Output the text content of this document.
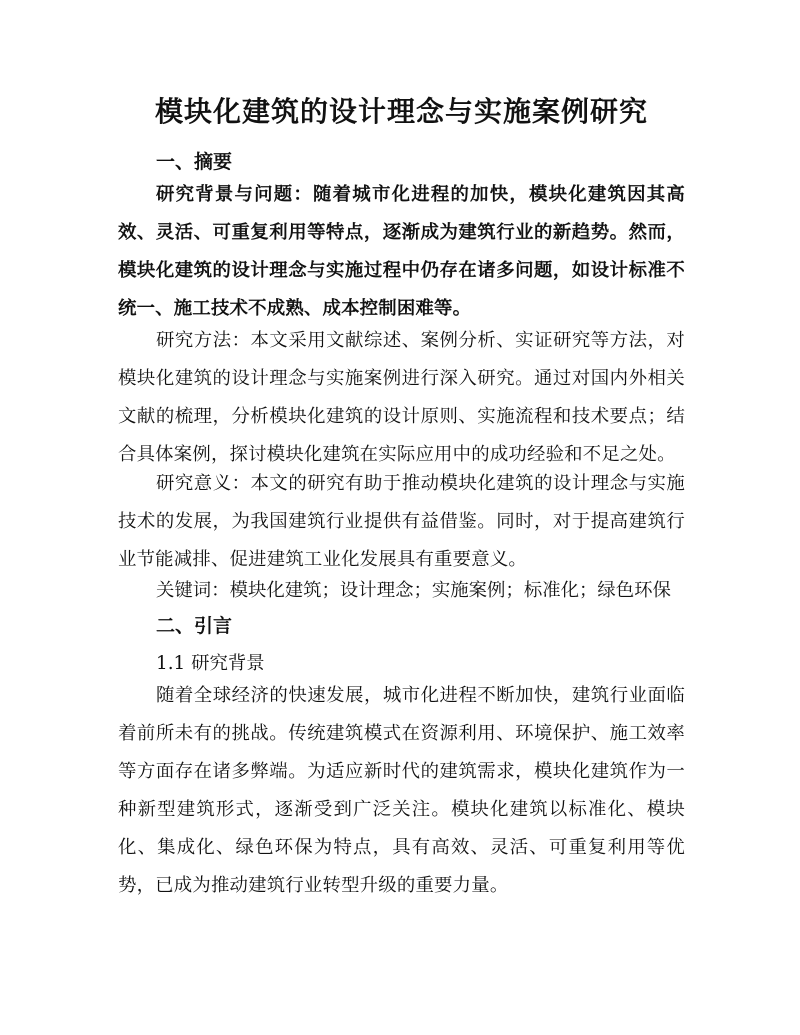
模块化建筑的设计理念与实施案例研究
一、摘要

研究背景与问题：随着城市化进程的加快，模块化建筑因其高效、灵活、可重复利用等特点，逐渐成为建筑行业的新趋势。然而，模块化建筑的设计理念与实施过程中仍存在诸多问题，如设计标准不统一、施工技术不成熟、成本控制困难等。

研究方法：本文采用文献综述、案例分析、实证研究等方法，对模块化建筑的设计理念与实施案例进行深入研究。通过对国内外相关文献的梳理，分析模块化建筑的设计原则、实施流程和技术要点；结合具体案例，探讨模块化建筑在实际应用中的成功经验和不足之处。

研究意义：本文的研究有助于推动模块化建筑的设计理念与实施技术的发展，为我国建筑行业提供有益借鉴。同时，对于提高建筑行业节能减排、促进建筑工业化发展具有重要意义。

关键词：模块化建筑；设计理念；实施案例；标准化；绿色环保

二、引言

1.1 研究背景

随着全球经济的快速发展，城市化进程不断加快，建筑行业面临着前所未有的挑战。传统建筑模式在资源利用、环境保护、施工效率等方面存在诸多弊端。为适应新时代的建筑需求，模块化建筑作为一种新型建筑形式，逐渐受到广泛关注。模块化建筑以标准化、模块化、集成化、绿色环保为特点，具有高效、灵活、可重复利用等优势，已成为推动建筑行业转型升级的重要力量。
